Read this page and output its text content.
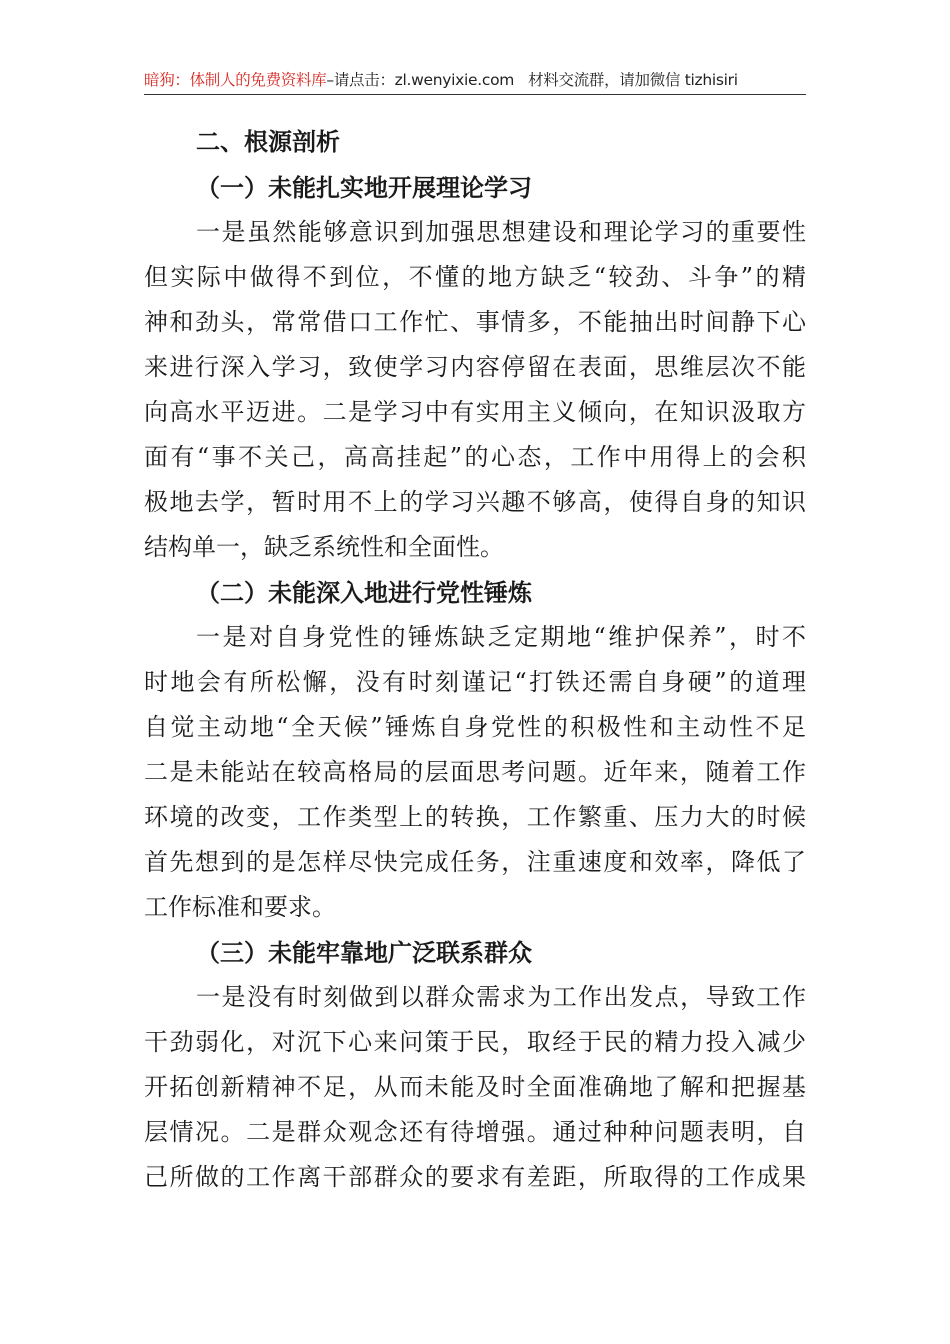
暗狗：体制人的免费资料库–请点击：zl.wenyixie.com 材料交流群，请加微信 tizhisiri
二、根源剖析
（一）未能扎实地开展理论学习
一是虽然能够意识到加强思想建设和理论学习的重要性
但实际中做得不到位，不懂的地方缺乏“较劲、斗争”的精
神和劲头，常常借口工作忙、事情多，不能抽出时间静下心
来进行深入学习，致使学习内容停留在表面，思维层次不能
向高水平迈进。二是学习中有实用主义倾向，在知识汲取方
面有“事不关己，高高挂起”的心态，工作中用得上的会积
极地去学，暂时用不上的学习兴趣不够高，使得自身的知识
结构单一，缺乏系统性和全面性。
（二）未能深入地进行党性锤炼
一是对自身党性的锤炼缺乏定期地“维护保养”，时不
时地会有所松懈，没有时刻谨记“打铁还需自身硬”的道理
自觉主动地“全天候”锤炼自身党性的积极性和主动性不足
二是未能站在较高格局的层面思考问题。近年来，随着工作
环境的改变，工作类型上的转换，工作繁重、压力大的时候
首先想到的是怎样尽快完成任务，注重速度和效率，降低了
工作标准和要求。
（三）未能牢靠地广泛联系群众
一是没有时刻做到以群众需求为工作出发点，导致工作
干劲弱化，对沉下心来问策于民，取经于民的精力投入减少
开拓创新精神不足，从而未能及时全面准确地了解和把握基
层情况。二是群众观念还有待增强。通过种种问题表明，自
己所做的工作离干部群众的要求有差距，所取得的工作成果
